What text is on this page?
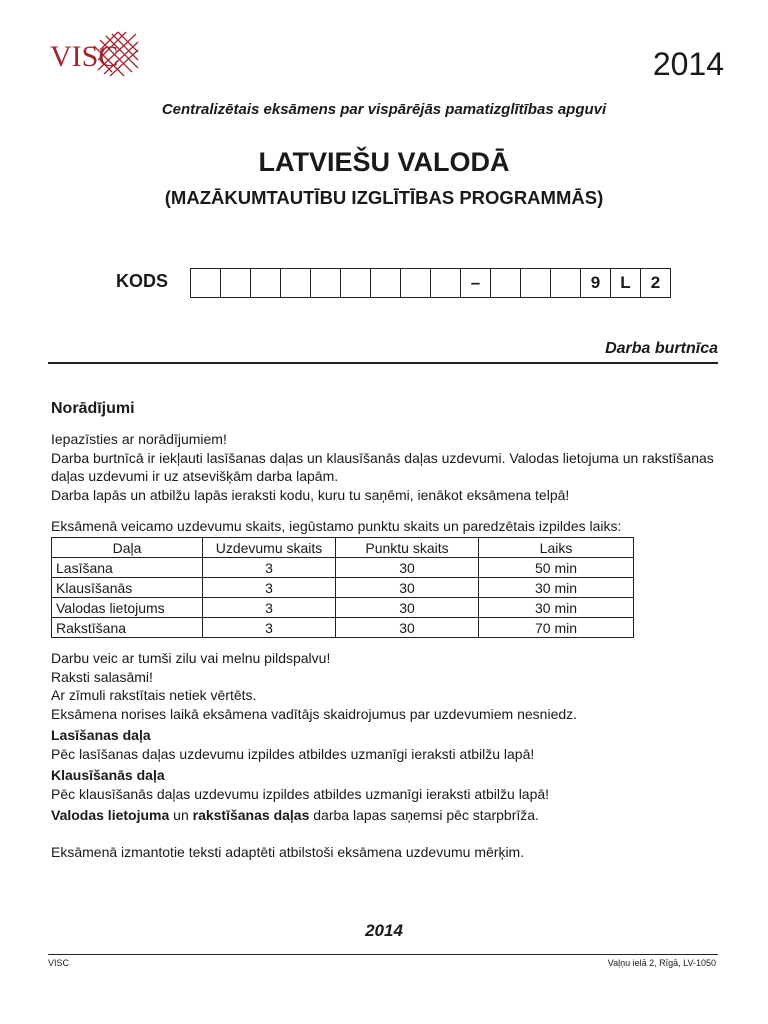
VISC	2014
Centralizētais eksāmens par vispārējās pamatizglītības apguvi
LATVIEŠU VALODĀ
(MAZĀKUMTAUTĪBU IZGLĪTĪBAS PROGRAMMĀS)
KODS	–	9	L	2
Darba burtnīca
Norādījumi
Iepazīsties ar norādījumiem!
Darba burtnīcā ir iekļauti lasīšanas daļas un klausīšanās daļas uzdevumi. Valodas lietojuma un rakstīšanas daļas uzdevumi ir uz atsevišķām darba lapām.
Darba lapās un atbilžu lapās ieraksti kodu, kuru tu saņēmi, ienākot eksāmena telpā!
Eksāmenā veicamo uzdevumu skaits, iegūstamo punktu skaits un paredzētais izpildes laiks:
Daļa	Uzdevumu skaits	Punktu skaits	Laiks
Lasīšana	3	30	50 min
Klausīšanās	3	30	30 min
Valodas lietojums	3	30	30 min
Rakstīšana	3	30	70 min
Darbu veic ar tumši zilu vai melnu pildspalvu!
Raksti salasāmi!
Ar zīmuli rakstītais netiek vērtēts.
Eksāmena norises laikā eksāmena vadītājs skaidrojumus par uzdevumiem nesniedz.
Lasīšanas daļa
Pēc lasīšanas daļas uzdevumu izpildes atbildes uzmanīgi ieraksti atbilžu lapā!
Klausīšanās daļa
Pēc klausīšanās daļas uzdevumu izpildes atbildes uzmanīgi ieraksti atbilžu lapā!
Valodas lietojuma un rakstīšanas daļas darba lapas saņemsi pēc starpbrīža.
Eksāmenā izmantotie teksti adaptēti atbilstoši eksāmena uzdevumu mērķim.
2014
VISC	Vaļņu ielā 2, Rīgā, LV-1050
